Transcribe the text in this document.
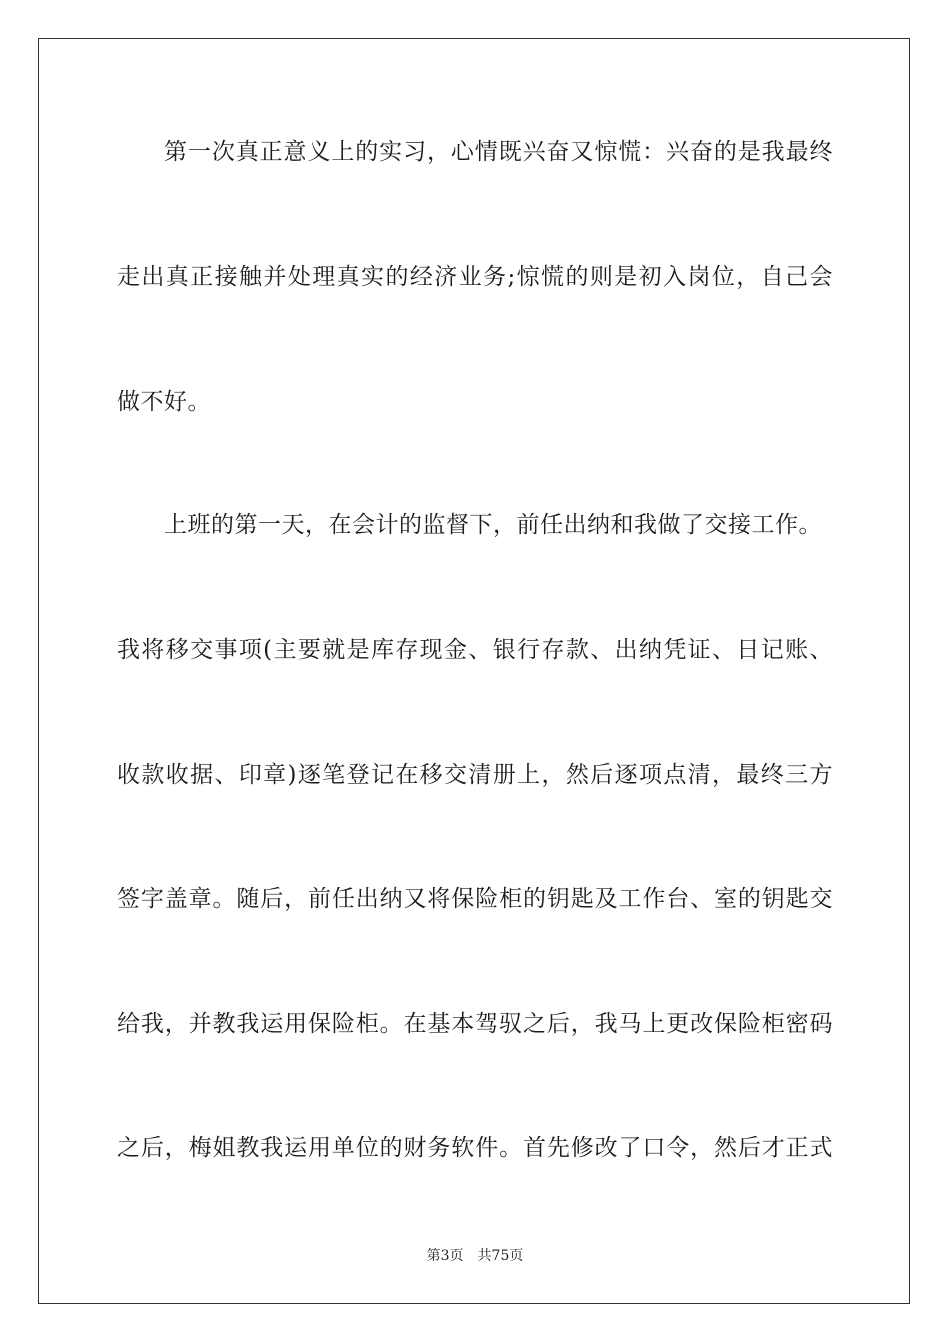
第一次真正意义上的实习，心情既兴奋又惊慌：兴奋的是我最终
走出真正接触并处理真实的经济业务;惊慌的则是初入岗位，自己会
做不好。
上班的第一天，在会计的监督下，前任出纳和我做了交接工作。
我将移交事项(主要就是库存现金、银行存款、出纳凭证、日记账、
收款收据、印章)逐笔登记在移交清册上，然后逐项点清，最终三方
签字盖章。随后，前任出纳又将保险柜的钥匙及工作台、室的钥匙交
给我，并教我运用保险柜。在基本驾驭之后，我马上更改保险柜密码
之后，梅姐教我运用单位的财务软件。首先修改了口令，然后才正式
第3页 共75页
